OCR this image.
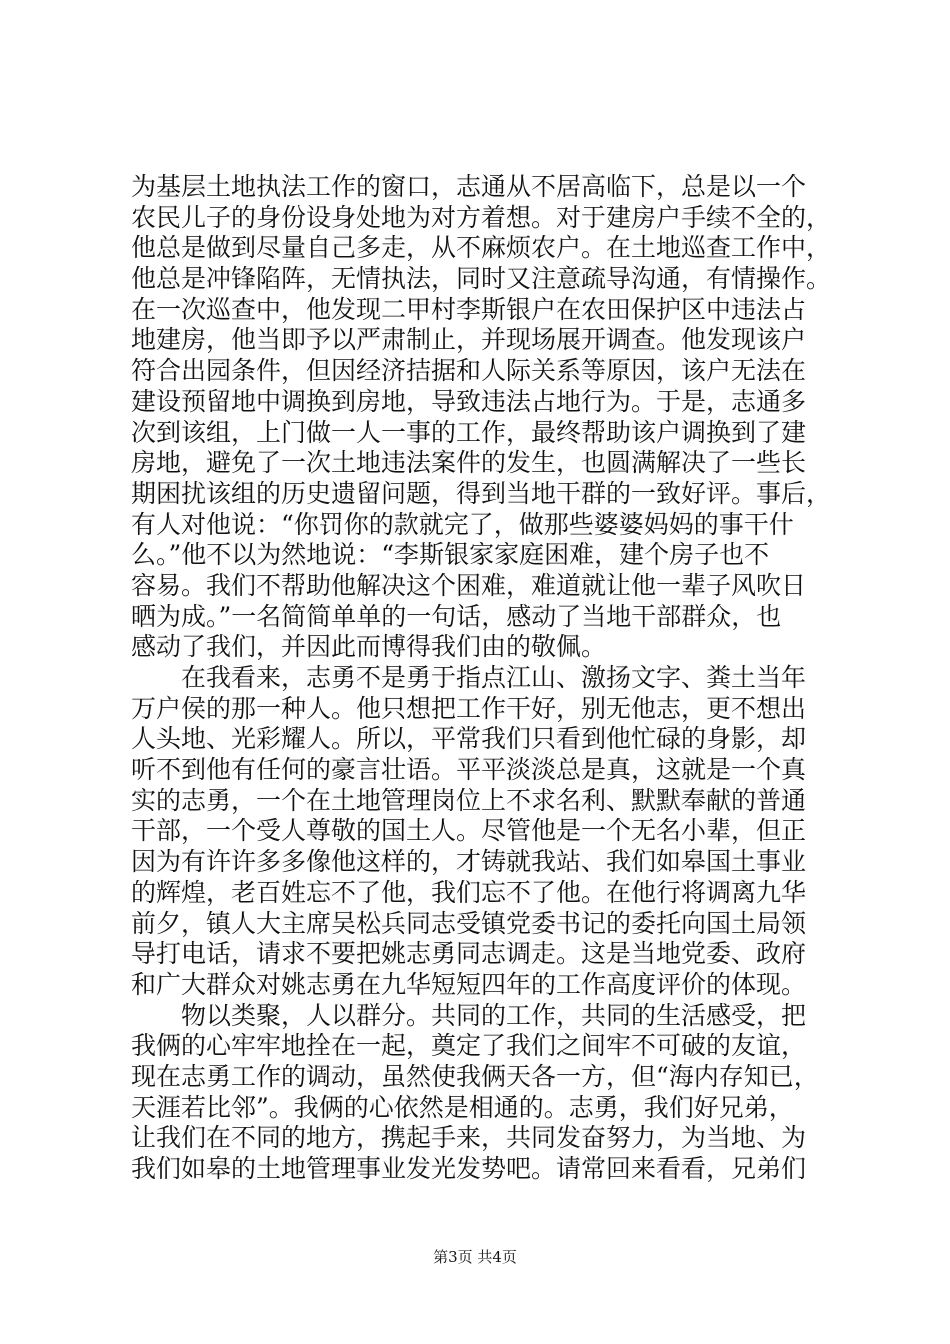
为基层土地执法工作的窗口，志通从不居高临下，总是以一个
农民儿子的身份设身处地为对方着想。对于建房户手续不全的，
他总是做到尽量自己多走，从不麻烦农户。在土地巡查工作中，
他总是冲锋陷阵，无情执法，同时又注意疏导沟通，有情操作。
在一次巡查中，他发现二甲村李斯银户在农田保护区中违法占
地建房，他当即予以严肃制止，并现场展开调查。他发现该户
符合出园条件，但因经济拮据和人际关系等原因，该户无法在
建设预留地中调换到房地，导致违法占地行为。于是，志通多
次到该组，上门做一人一事的工作，最终帮助该户调换到了建
房地，避免了一次土地违法案件的发生，也圆满解决了一些长
期困扰该组的历史遗留问题，得到当地干群的一致好评。事后，
有人对他说：“你罚你的款就完了，做那些婆婆妈妈的事干什
么。”他不以为然地说：“李斯银家家庭困难，建个房子也不
容易。我们不帮助他解决这个困难，难道就让他一辈子风吹日
晒为成。”一名简简单单的一句话，感动了当地干部群众，也
感动了我们，并因此而博得我们由的敬佩。
　　在我看来，志勇不是勇于指点江山、激扬文字、粪土当年
万户侯的那一种人。他只想把工作干好，别无他志，更不想出
人头地、光彩耀人。所以，平常我们只看到他忙碌的身影，却
听不到他有任何的豪言壮语。平平淡淡总是真，这就是一个真
实的志勇，一个在土地管理岗位上不求名利、默默奉献的普通
干部，一个受人尊敬的国土人。尽管他是一个无名小辈，但正
因为有许许多多像他这样的，才铸就我站、我们如皋国土事业
的辉煌，老百姓忘不了他，我们忘不了他。在他行将调离九华
前夕，镇人大主席吴松兵同志受镇党委书记的委托向国土局领
导打电话，请求不要把姚志勇同志调走。这是当地党委、政府
和广大群众对姚志勇在九华短短四年的工作高度评价的体现。
　　物以类聚，人以群分。共同的工作，共同的生活感受，把
我俩的心牢牢地拴在一起，奠定了我们之间牢不可破的友谊，
现在志勇工作的调动，虽然使我俩天各一方，但“海内存知已，
天涯若比邻”。我俩的心依然是相通的。志勇，我们好兄弟，
让我们在不同的地方，携起手来，共同发奋努力，为当地、为
我们如皋的土地管理事业发光发势吧。请常回来看看，兄弟们
第3页 共4页
